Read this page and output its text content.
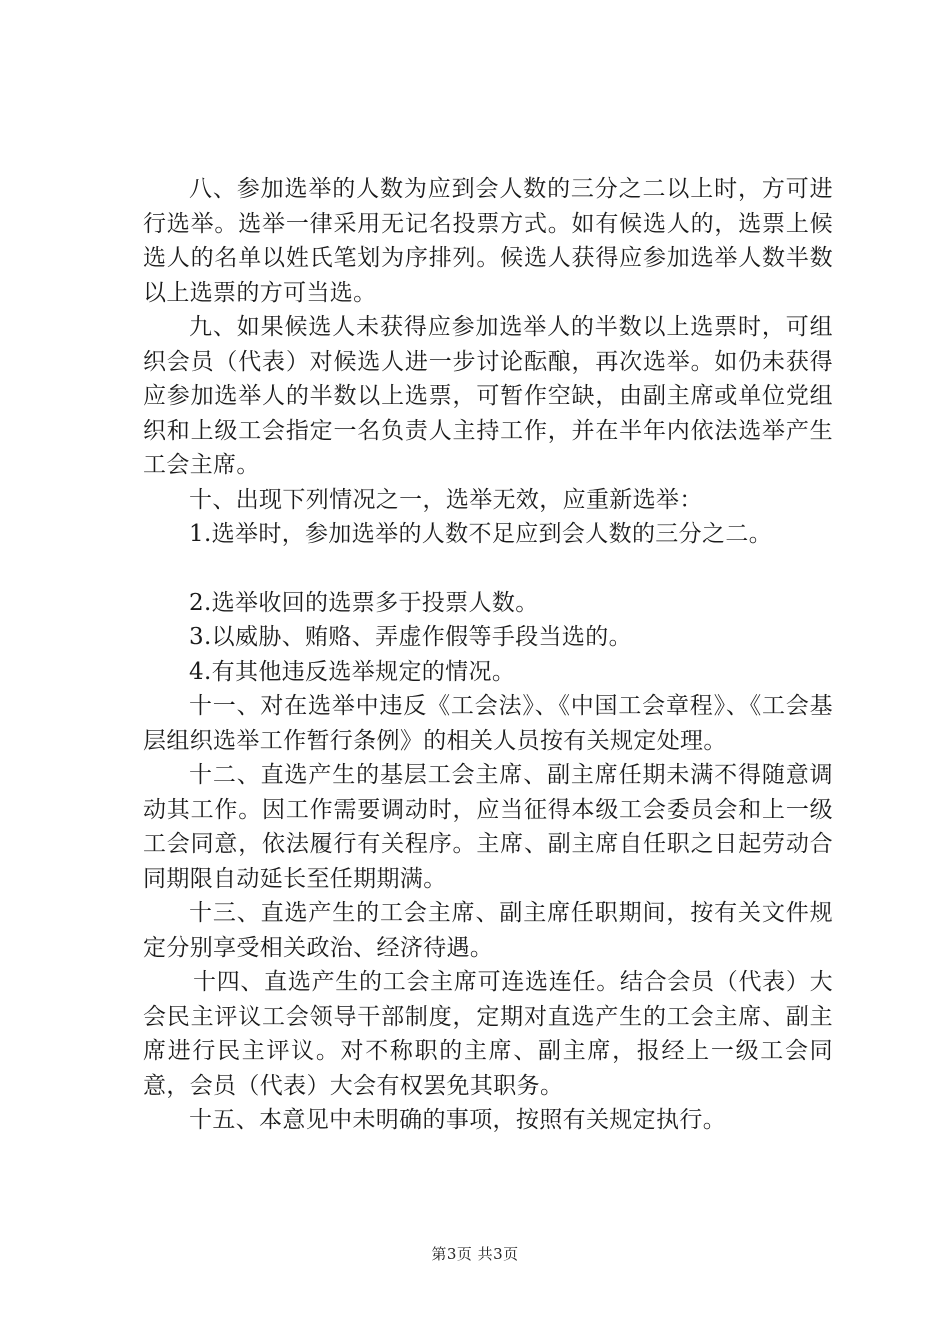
八、参加选举的人数为应到会人数的三分之二以上时，方可进行选举。选举一律采用无记名投票方式。如有候选人的，选票上候选人的名单以姓氏笔划为序排列。候选人获得应参加选举人数半数以上选票的方可当选。

九、如果候选人未获得应参加选举人的半数以上选票时，可组织会员（代表）对候选人进一步讨论酝酿，再次选举。如仍未获得应参加选举人的半数以上选票，可暂作空缺，由副主席或单位党组织和上级工会指定一名负责人主持工作，并在半年内依法选举产生工会主席。

十、出现下列情况之一，选举无效，应重新选举：

1.选举时，参加选举的人数不足应到会人数的三分之二。

2.选举收回的选票多于投票人数。

3.以威胁、贿赂、弄虚作假等手段当选的。

4.有其他违反选举规定的情况。

十一、对在选举中违反《工会法》、《中国工会章程》、《工会基层组织选举工作暂行条例》的相关人员按有关规定处理。

十二、直选产生的基层工会主席、副主席任期未满不得随意调动其工作。因工作需要调动时，应当征得本级工会委员会和上一级工会同意，依法履行有关程序。主席、副主席自任职之日起劳动合同期限自动延长至任期期满。

十三、直选产生的工会主席、副主席任职期间，按有关文件规定分别享受相关政治、经济待遇。

十四、直选产生的工会主席可连选连任。结合会员（代表）大会民主评议工会领导干部制度，定期对直选产生的工会主席、副主席进行民主评议。对不称职的主席、副主席，报经上一级工会同意，会员（代表）大会有权罢免其职务。

十五、本意见中未明确的事项，按照有关规定执行。

第3页 共3页
